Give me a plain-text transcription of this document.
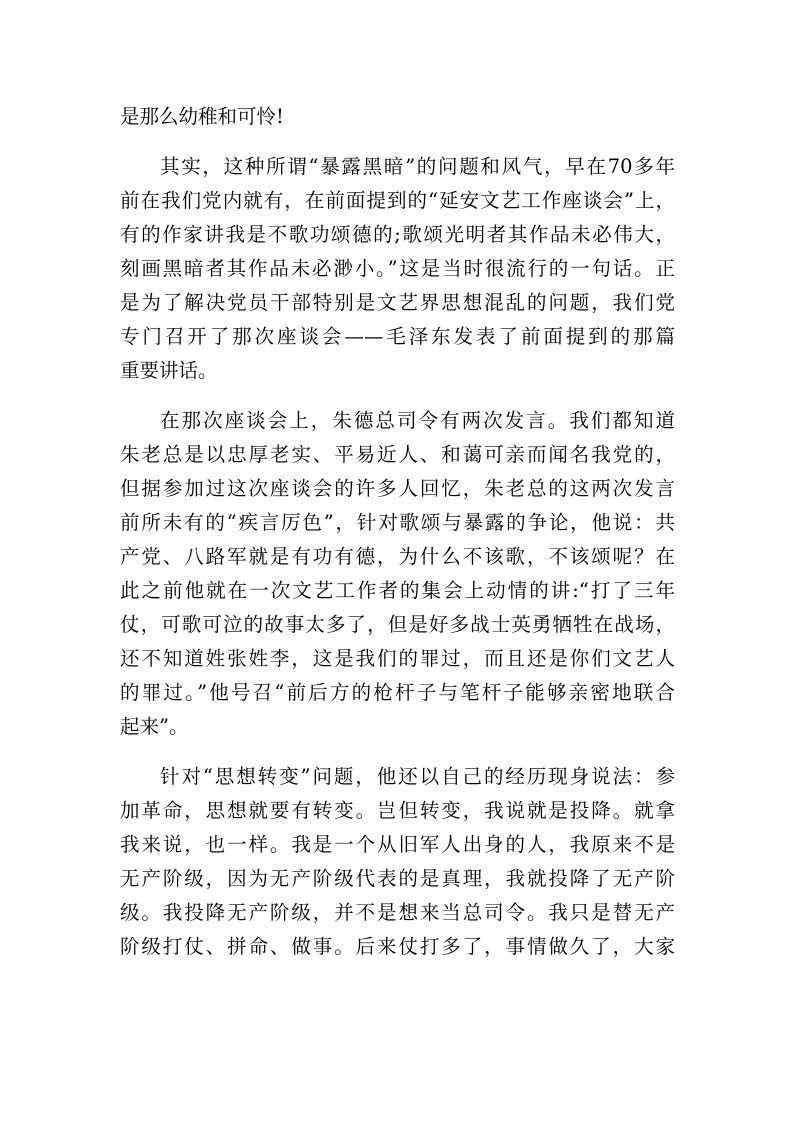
是那么幼稚和可怜!
其实，这种所谓“暴露黑暗”的问题和风气，早在70多年
前在我们党内就有，在前面提到的“延安文艺工作座谈会”上，
有的作家讲我是不歌功颂德的;歌颂光明者其作品未必伟大，
刻画黑暗者其作品未必渺小。”这是当时很流行的一句话。正
是为了解决党员干部特别是文艺界思想混乱的问题，我们党
专门召开了那次座谈会——毛泽东发表了前面提到的那篇
重要讲话。
在那次座谈会上，朱德总司令有两次发言。我们都知道
朱老总是以忠厚老实、平易近人、和蔼可亲而闻名我党的，
但据参加过这次座谈会的许多人回忆，朱老总的这两次发言
前所未有的“疾言厉色”，针对歌颂与暴露的争论，他说：共
产党、八路军就是有功有德，为什么不该歌，不该颂呢？在
此之前他就在一次文艺工作者的集会上动情的讲:“打了三年
仗，可歌可泣的故事太多了，但是好多战士英勇牺牲在战场，
还不知道姓张姓李，这是我们的罪过，而且还是你们文艺人
的罪过。”他号召“前后方的枪杆子与笔杆子能够亲密地联合
起来”。
针对“思想转变”问题，他还以自己的经历现身说法：参
加革命，思想就要有转变。岂但转变，我说就是投降。就拿
我来说，也一样。我是一个从旧军人出身的人，我原来不是
无产阶级，因为无产阶级代表的是真理，我就投降了无产阶
级。我投降无产阶级，并不是想来当总司令。我只是替无产
阶级打仗、拼命、做事。后来仗打多了，事情做久了，大家
